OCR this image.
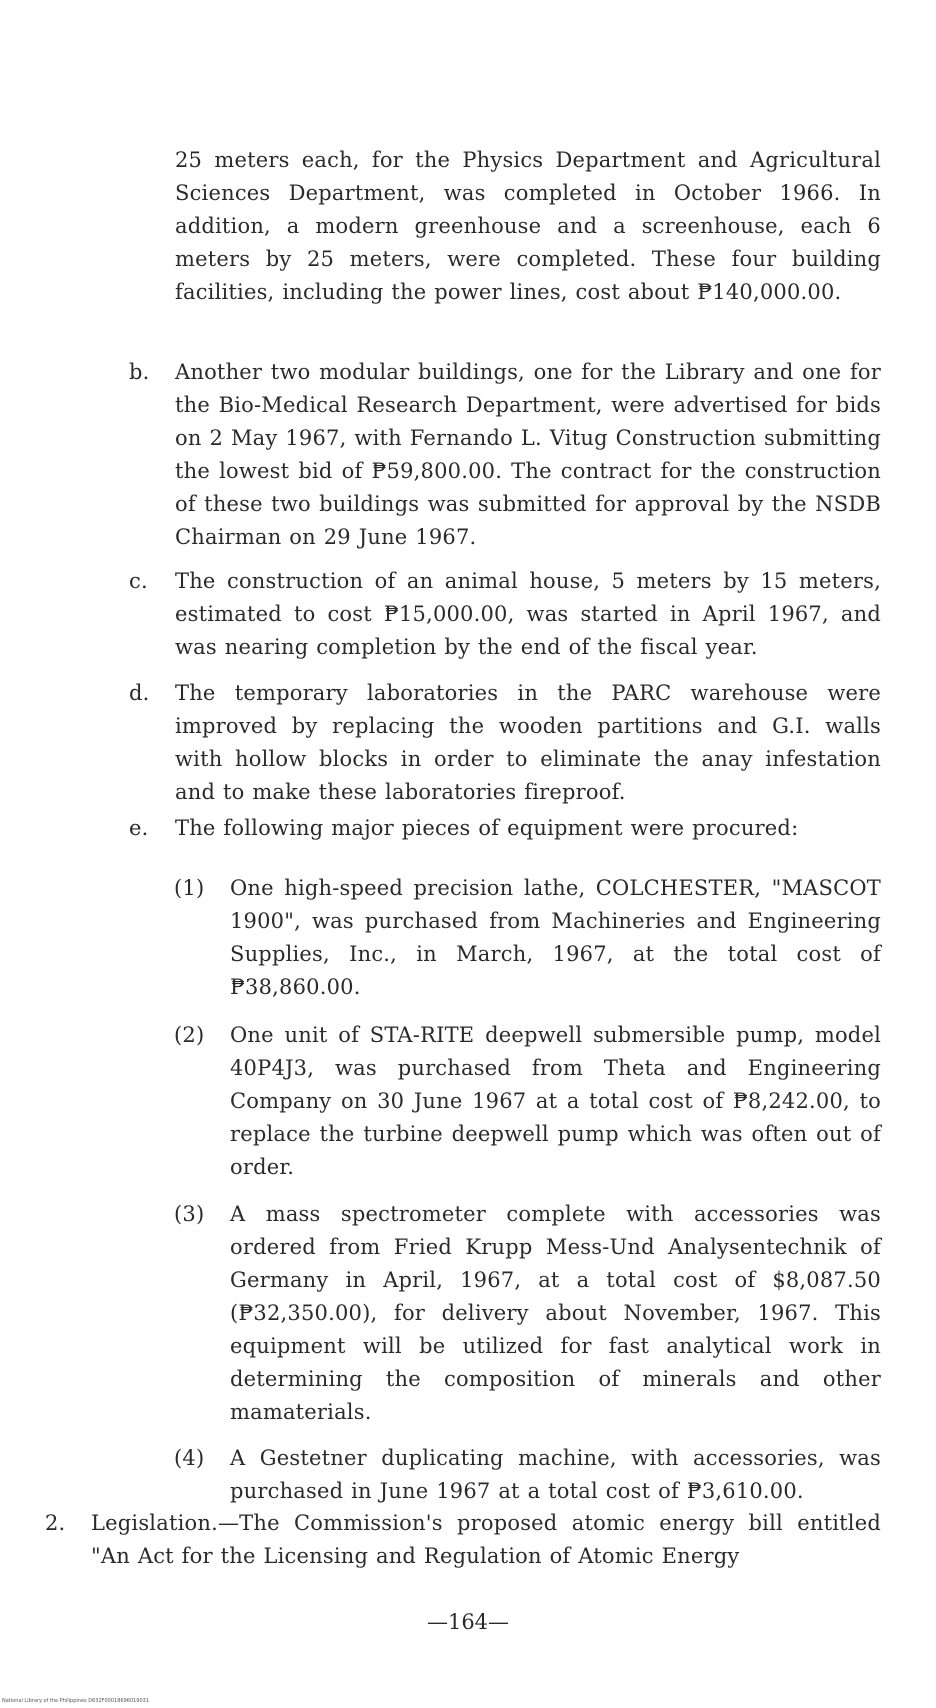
25 meters each, for the Physics Department and Agricultural Sciences Department, was completed in October 1966. In addition, a modern greenhouse and a screenhouse, each 6 meters by 25 meters, were completed. These four building facilities, including the power lines, cost about ₱140,000.00.

b. Another two modular buildings, one for the Library and one for the Bio-Medical Research Department, were advertised for bids on 2 May 1967, with Fernando L. Vitug Construction submitting the lowest bid of ₱59,800.00. The contract for the construction of these two buildings was submitted for approval by the NSDB Chairman on 29 June 1967.

c. The construction of an animal house, 5 meters by 15 meters, estimated to cost ₱15,000.00, was started in April 1967, and was nearing completion by the end of the fiscal year.

d. The temporary laboratories in the PARC warehouse were improved by replacing the wooden partitions and G.I. walls with hollow blocks in order to eliminate the anay infestation and to make these laboratories fireproof.

e. The following major pieces of equipment were procured:

(1) One high-speed precision lathe, COLCHESTER, "MASCOT 1900", was purchased from Machineries and Engineering Supplies, Inc., in March, 1967, at the total cost of ₱38,860.00.

(2) One unit of STA-RITE deepwell submersible pump, model 40P4J3, was purchased from Theta and Engineering Company on 30 June 1967 at a total cost of ₱8,242.00, to replace the turbine deepwell pump which was often out of order.

(3) A mass spectrometer complete with accessories was ordered from Fried Krupp Mess-Und Analysentechnik of Germany in April, 1967, at a total cost of $8,087.50 (₱32,350.00), for delivery about November, 1967. This equipment will be utilized for fast analytical work in determining the composition of minerals and other mamaterials.

(4) A Gestetner duplicating machine, with accessories, was purchased in June 1967 at a total cost of ₱3,610.00.

2. Legislation.—The Commission's proposed atomic energy bill entitled "An Act for the Licensing and Regulation of Atomic Energy

—164—
National Library of the Philippines D632F00018696019031
